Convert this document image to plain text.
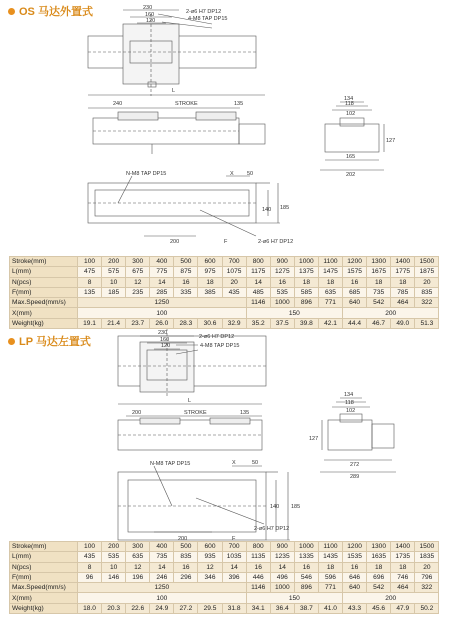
OS 马达外置式	230
160
120
2-ø6 H7 DP12
4-M8 TAP DP15
L
240	STROKE	135
134
118
102
127
165
202
N-M8 TAP DP15	X 50
140 185
200	F	2-ø6 H7 DP12
230
160
120
2-ø6 H7 DP12
4-M8 TAP DP15
L
200	STROKE	135
134
118
102
127
272
289
N-M8 TAP DP15	X	50
140 185
200	F
2-ø6 H7 DP12
Stroke(mm)	100	200	300	400	500	600	700	800	900	1000	1100	1200	1300	1400	1500
L(mm)	475	575	675	775	875	975	1075	1175	1275	1375	1475	1575	1675	1775	1875
N(pcs)	8	10	12	14	16	18	20	14	16	18	18	16	18	18	20
F(mm)	135	185	235	285	335	385	435	485	535	585	635	685	735	785	835
Max.Speed(mm/s)	1250							1146	1000	896	771	640	542	464	322
X(mm)	100							150				200			
Weight(kg)	19.1	21.4	23.7	26.0	28.3	30.6	32.9	35.2	37.5	39.8	42.1	44.4	46.7	49.0	51.3
LP 马达左置式
Stroke(mm)	100	200	300	400	500	600	700	800	900	1000	1100	1200	1300	1400	1500
L(mm)	435	535	635	735	835	935	1035	1135	1235	1335	1435	1535	1635	1735	1835
N(pcs)	8	10	12	14	16	12	14	16	14	16	18	16	18	18	20
F(mm)	96	146	196	246	296	346	396	446	496	546	596	646	696	746	796
Max.Speed(mm/s)	1250							1146	1000	896	771	640	542	464	322
X(mm)	100							150				200			
Weight(kg)	18.0	20.3	22.6	24.9	27.2	29.5	31.8	34.1	36.4	38.7	41.0	43.3	45.6	47.9	50.2
